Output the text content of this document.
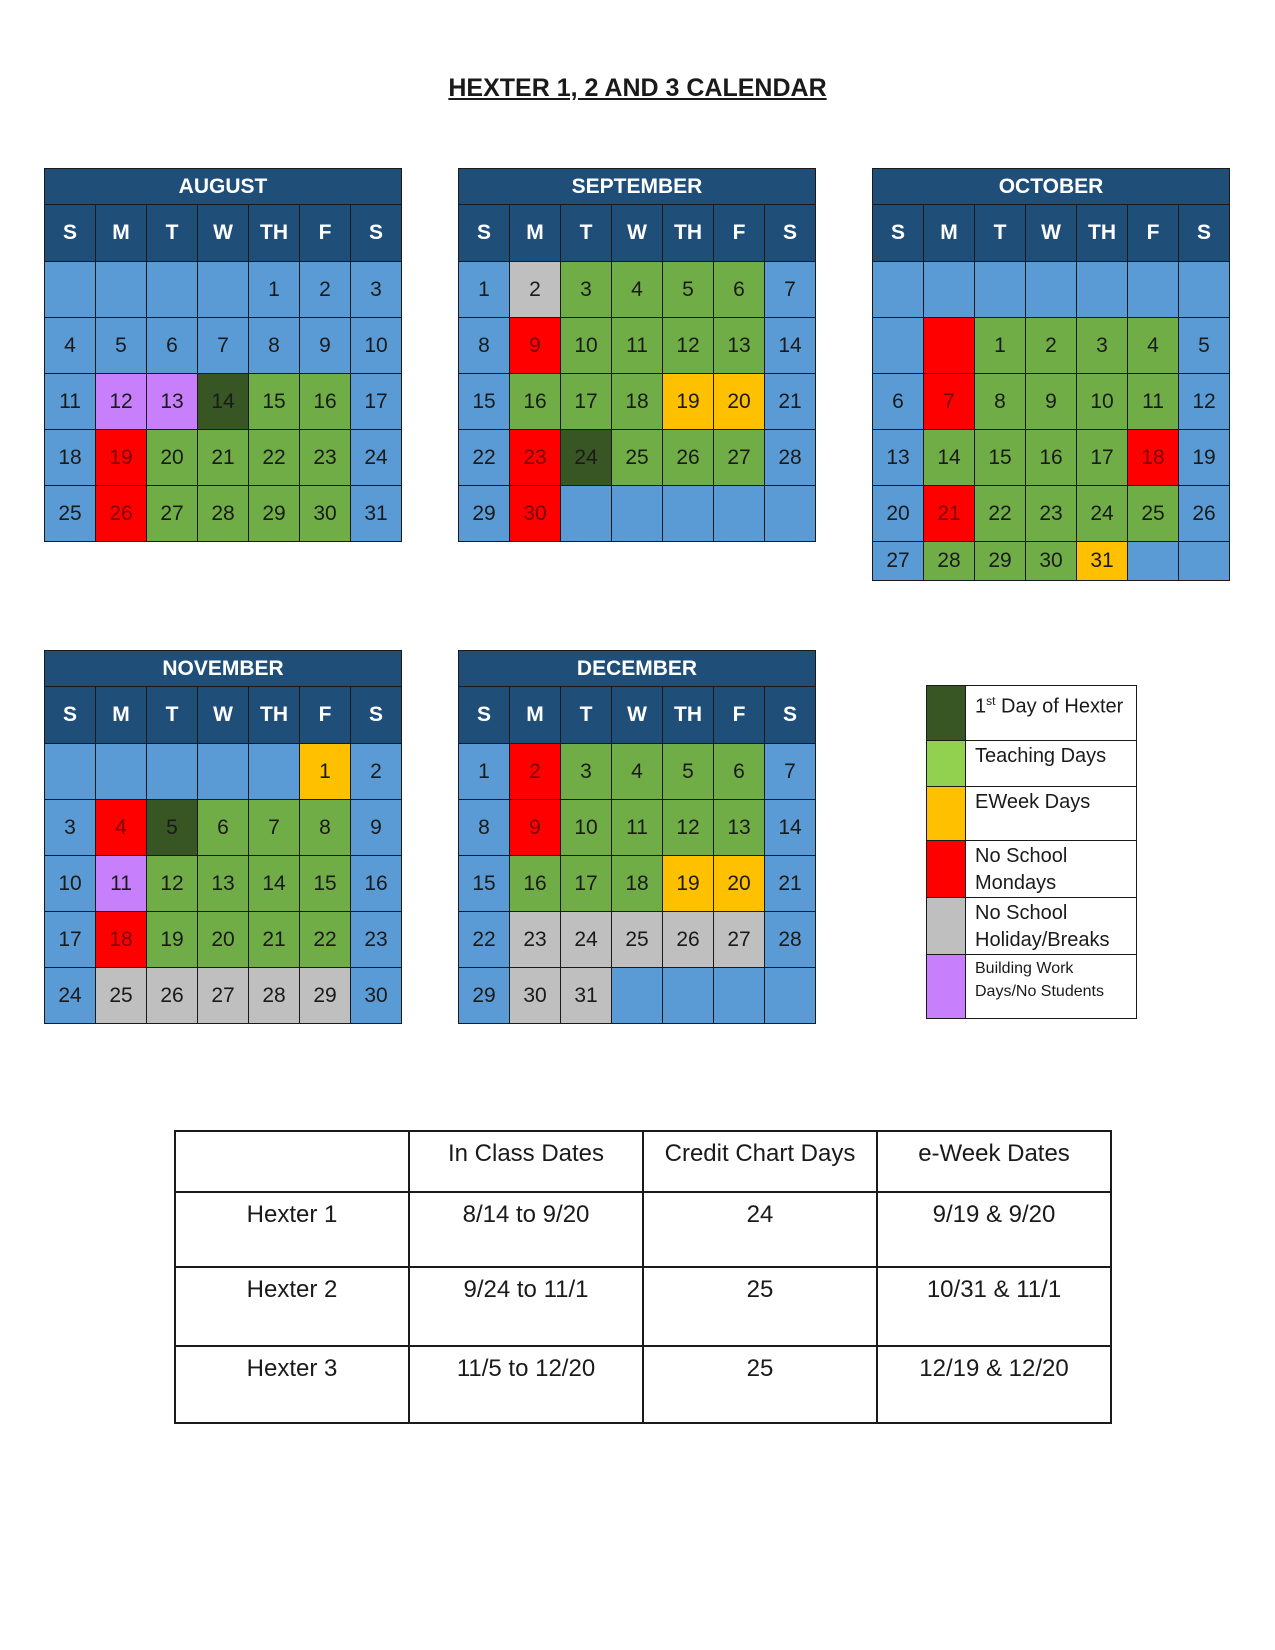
HEXTER 1, 2 AND 3 CALENDAR
AUGUST						
S	M	T	W	TH	F	S
				1	2	3
4	5	6	7	8	9	10
11	12	13	14	15	16	17
18	19	20	21	22	23	24
25	26	27	28	29	30	31
SEPTEMBER						
S	M	T	W	TH	F	S
1	2	3	4	5	6	7
8	9	10	11	12	13	14
15	16	17	18	19	20	21
22	23	24	25	26	27	28
29	30					
OCTOBER						
S	M	T	W	TH	F	S

		1	2	3	4	5
6	7	8	9	10	11	12
13	14	15	16	17	18	19
20	21	22	23	24	25	26
27	28	29	30	31		
NOVEMBER						
S	M	T	W	TH	F	S
					1	2
3	4	5	6	7	8	9
10	11	12	13	14	15	16
17	18	19	20	21	22	23
24	25	26	27	28	29	30
DECEMBER						
S	M	T	W	TH	F	S
1	2	3	4	5	6	7
8	9	10	11	12	13	14
15	16	17	18	19	20	21
22	23	24	25	26	27	28
29	30	31				
	1st Day of Hexter
	Teaching Days
	EWeek Days
	No School Mondays
	No School Holiday/Breaks
	Building Work Days/No Students
	In Class Dates	Credit Chart Days	e-Week Dates
Hexter 1	8/14 to 9/20	24	9/19 & 9/20
Hexter 2	9/24 to 11/1	25	10/31 & 11/1
Hexter 3	11/5 to 12/20	25	12/19 & 12/20
